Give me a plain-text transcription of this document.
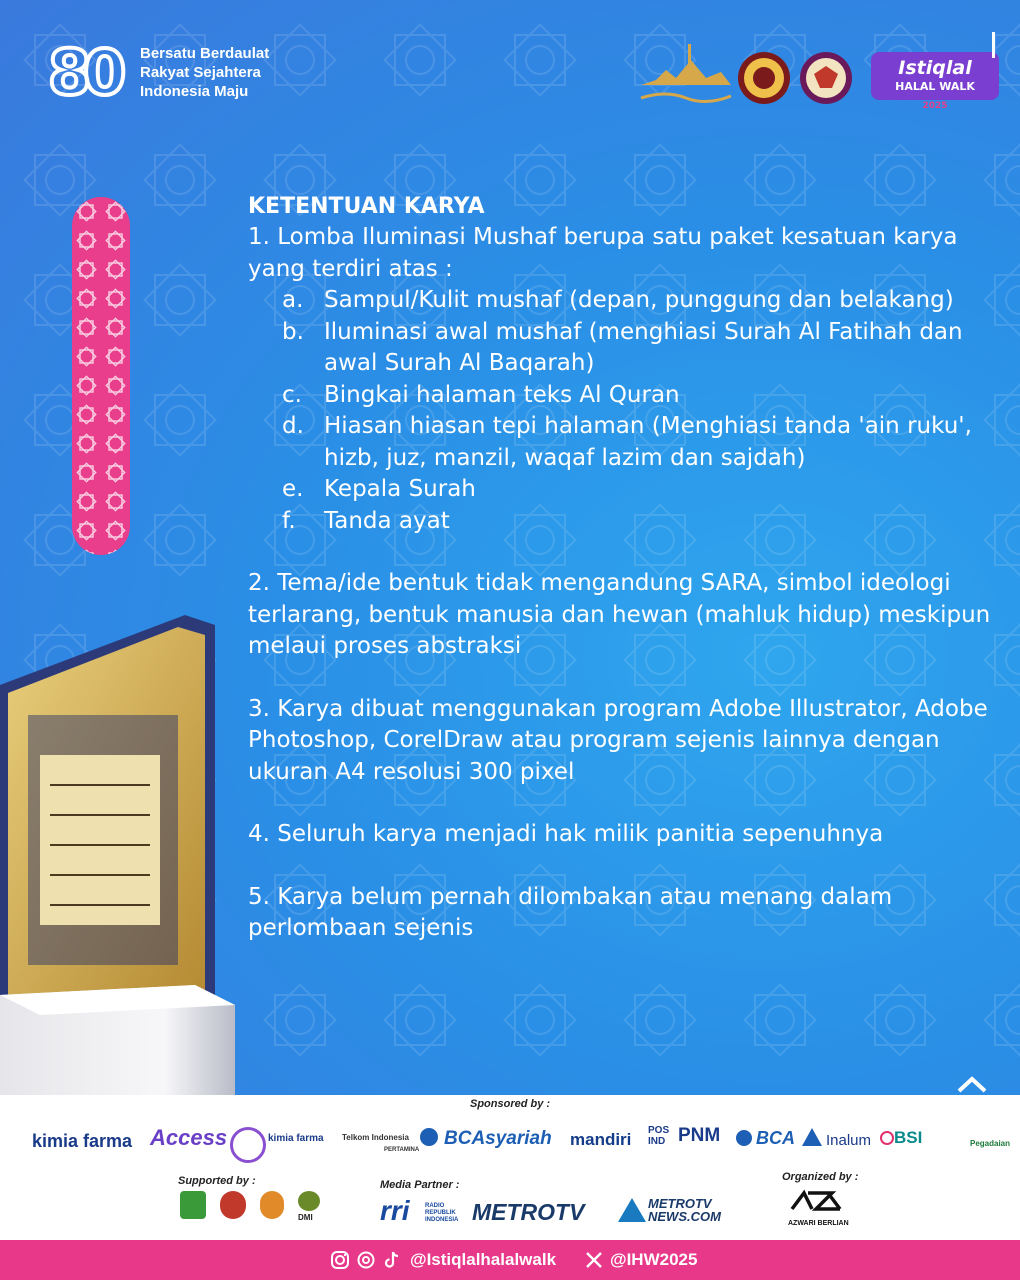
80 Bersatu Berdaulat
Rakyat Sejahtera
Indonesia Maju
Istiqlal
HALAL WALK
2025
KETENTUAN KARYA
1. Lomba Iluminasi Mushaf berupa satu paket kesatuan karya yang terdiri atas :
a. Sampul/Kulit mushaf (depan, punggung dan belakang)
b. Iluminasi awal mushaf (menghiasi Surah Al Fatihah dan awal Surah Al Baqarah)
c. Bingkai halaman teks Al Quran
d. Hiasan hiasan tepi halaman (Menghiasi tanda 'ain ruku', hizb, juz, manzil, waqaf lazim dan sajdah)
e. Kepala Surah
f.	Tanda ayat
2. Tema/ide bentuk tidak mengandung SARA, simbol ideologi terlarang, bentuk manusia dan hewan (mahluk hidup) meskipun melaui proses abstraksi
3. Karya dibuat menggunakan program Adobe Illustrator, Adobe Photoshop, CorelDraw atau program sejenis lainnya dengan ukuran A4 resolusi 300 pixel
4. Seluruh karya menjadi hak milik panitia sepenuhnya
5. Karya belum pernah dilombakan atau menang dalam perlombaan sejenis
Sponsored by :
kimia farma Access	kimia farma Telkom Indonesia
PERTAMINA
BCAsyariah mandiri POS IND PNM BCA Inalum BSI	Pegadaian
Supported by :
DMI
Media Partner :
rri	RADIO REPUBLIK INDONESIA METROTV	METROTV NEWS.COM
Organized by :
AZWARI BERLIAN
@Istiqlalhalalwalk	@IHW2025
